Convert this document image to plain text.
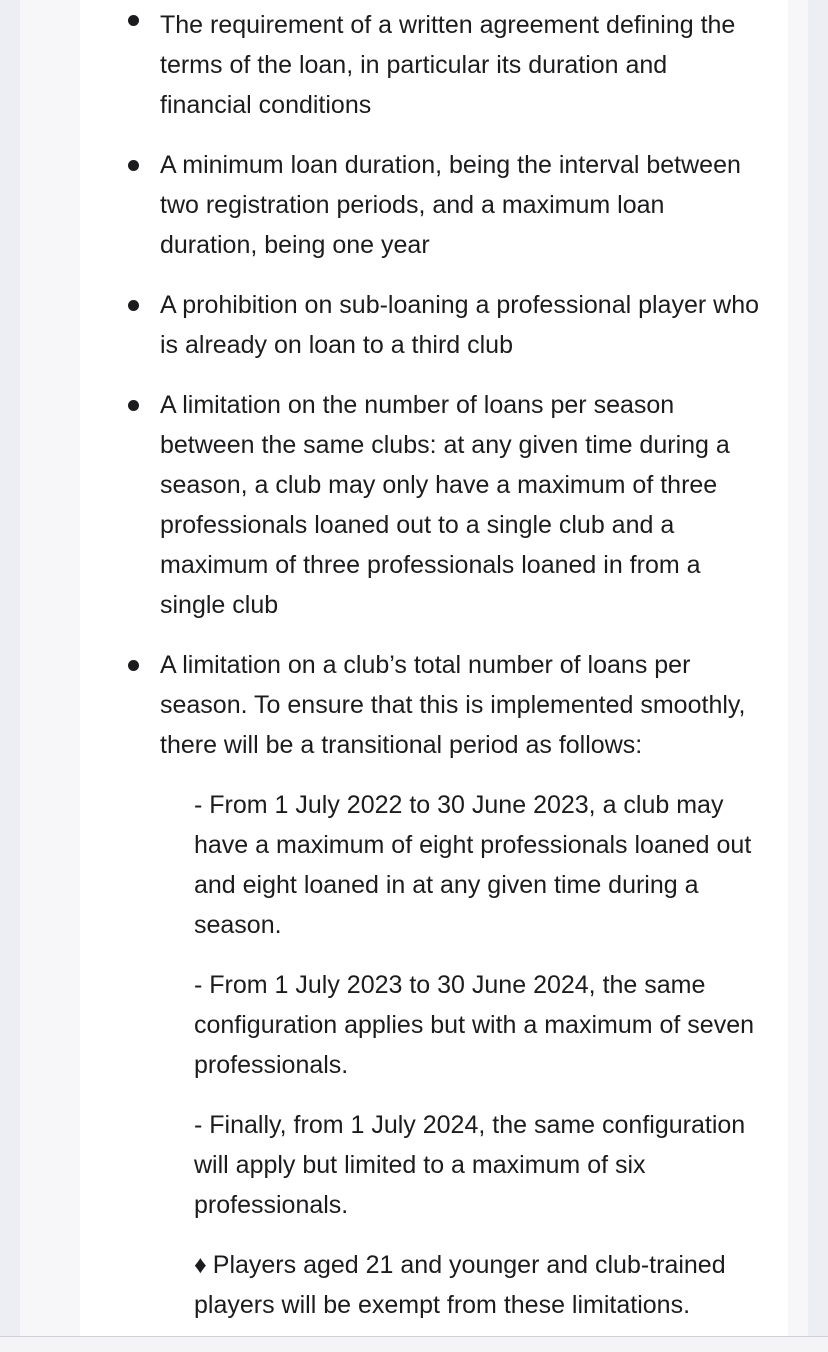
The requirement of a written agreement defining the terms of the loan, in particular its duration and financial conditions
A minimum loan duration, being the interval between two registration periods, and a maximum loan duration, being one year
A prohibition on sub-loaning a professional player who is already on loan to a third club
A limitation on the number of loans per season between the same clubs: at any given time during a season, a club may only have a maximum of three professionals loaned out to a single club and a maximum of three professionals loaned in from a single club
A limitation on a club’s total number of loans per season. To ensure that this is implemented smoothly, there will be a transitional period as follows:

- From 1 July 2022 to 30 June 2023, a club may have a maximum of eight professionals loaned out and eight loaned in at any given time during a season.

- From 1 July 2023 to 30 June 2024, the same configuration applies but with a maximum of seven professionals.

- Finally, from 1 July 2024, the same configuration will apply but limited to a maximum of six professionals.

♦ Players aged 21 and younger and club-trained players will be exempt from these limitations.
